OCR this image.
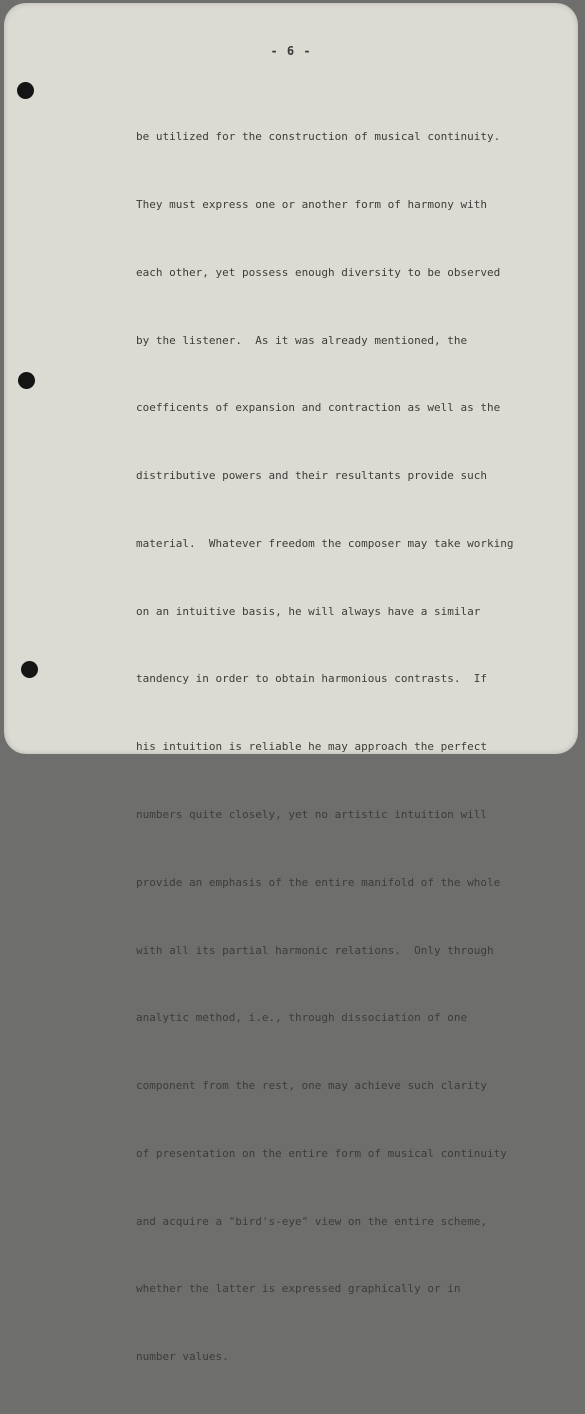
- 6 -

be utilized for the construction of musical continuity.

They must express one or another form of harmony with

each other, yet possess enough diversity to be observed

by the listener.  As it was already mentioned, the

coefficents of expansion and contraction as well as the

distributive powers and their resultants provide such

material.  Whatever freedom the composer may take working

on an intuitive basis, he will always have a similar

tandency in order to obtain harmonious contrasts.  If

his intuition is reliable he may approach the perfect

numbers quite closely, yet no artistic intuition will

provide an emphasis of the entire manifold of the whole

with all its partial harmonic relations.  Only through

analytic method, i.e., through dissociation of one

component from the rest, one may achieve such clarity

of presentation on the entire form of musical continuity

and acquire a "bird's-eye" view on the entire scheme,

whether the latter is expressed graphically or in

number values.
